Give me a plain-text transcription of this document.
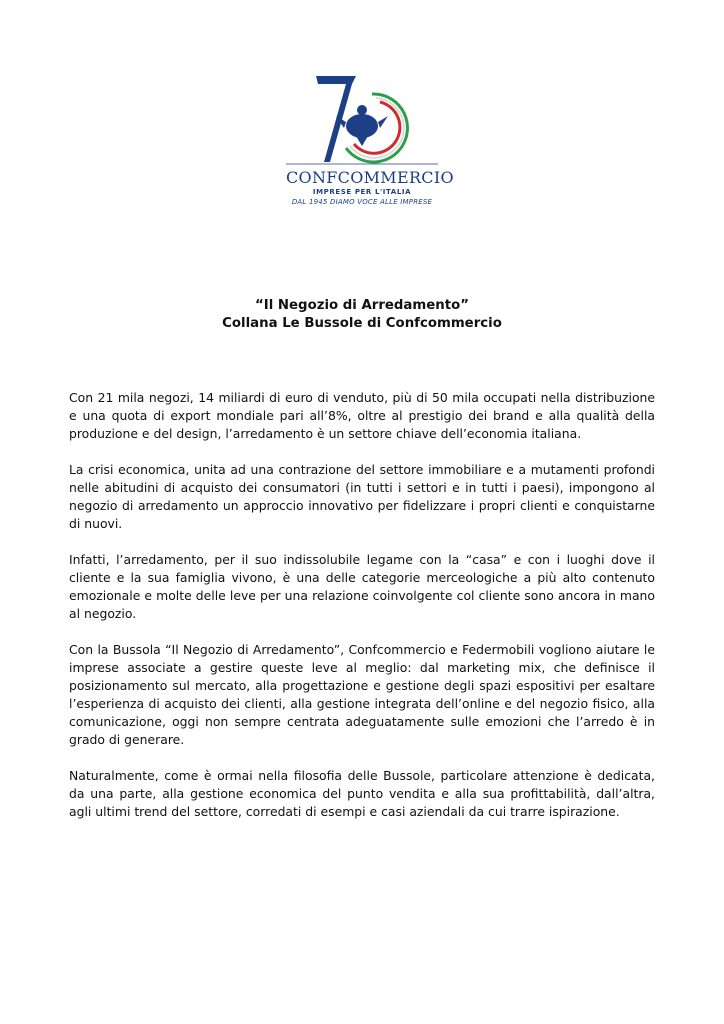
CONFCOMMERCIO
IMPRESE PER L'ITALIA
DAL 1945 DIAMO VOCE ALLE IMPRESE
“Il Negozio di Arredamento”
Collana Le Bussole di Confcommercio

Con 21 mila negozi, 14 miliardi di euro di venduto, più di 50 mila occupati nella distribuzione e una quota di export mondiale pari all’8%, oltre al prestigio dei brand e alla qualità della produzione e del design, l’arredamento è un settore chiave dell’economia italiana.

La crisi economica, unita ad una contrazione del settore immobiliare e a mutamenti profondi nelle abitudini di acquisto dei consumatori (in tutti i settori e in tutti i paesi), impongono al negozio di arredamento un approccio innovativo per fidelizzare i propri clienti e conquistarne di nuovi.

Infatti, l’arredamento, per il suo indissolubile legame con la “casa” e con i luoghi dove il cliente e la sua famiglia vivono, è una delle categorie merceologiche a più alto contenuto emozionale e molte delle leve per una relazione coinvolgente col cliente sono ancora in mano al negozio.

Con la Bussola “Il Negozio di Arredamento”, Confcommercio e Federmobili vogliono aiutare le imprese associate a gestire queste leve al meglio: dal marketing mix, che definisce il posizionamento sul mercato, alla progettazione e gestione degli spazi espositivi per esaltare l’esperienza di acquisto dei clienti, alla gestione integrata dell’online e del negozio fisico, alla comunicazione, oggi non sempre centrata adeguatamente sulle emozioni che l’arredo è in grado di generare.

Naturalmente, come è ormai nella filosofia delle Bussole, particolare attenzione è dedicata, da una parte, alla gestione economica del punto vendita e alla sua profittabilità, dall’altra, agli ultimi trend del settore, corredati di esempi e casi aziendali da cui trarre ispirazione.
